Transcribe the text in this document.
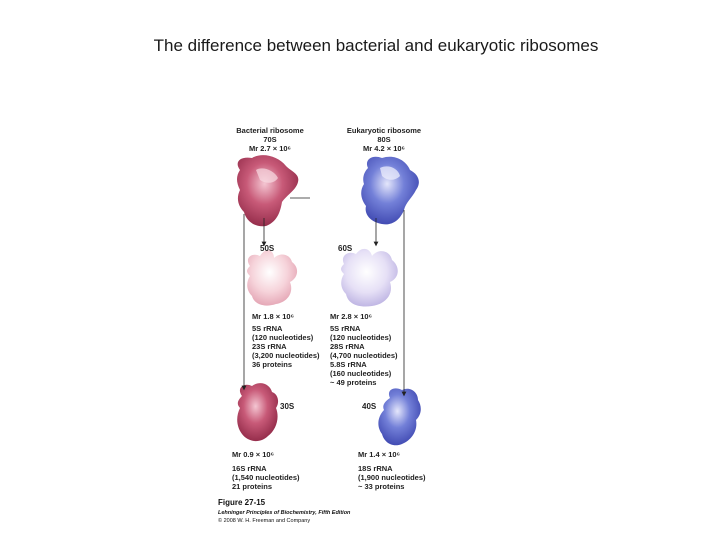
The difference between bacterial and eukaryotic ribosomes
Bacterial ribosome
70S
Mr 2.7 × 10⁶
Eukaryotic ribosome
80S
Mr 4.2 × 10⁶
50S	60S
30S	40S
Mr 1.8 × 10⁶
5S rRNA
(120 nucleotides)
23S rRNA
(3,200 nucleotides)
36 proteins
Mr 2.8 × 10⁶
5S rRNA
(120 nucleotides)
28S rRNA
(4,700 nucleotides)
5.8S rRNA
(160 nucleotides)
~ 49 proteins
Mr 0.9 × 10⁶
16S rRNA
(1,540 nucleotides)
21 proteins
Mr 1.4 × 10⁶
18S rRNA
(1,900 nucleotides)
~ 33 proteins
Figure 27-15
Lehninger Principles of Biochemistry, Fifth Edition
© 2008 W. H. Freeman and Company
